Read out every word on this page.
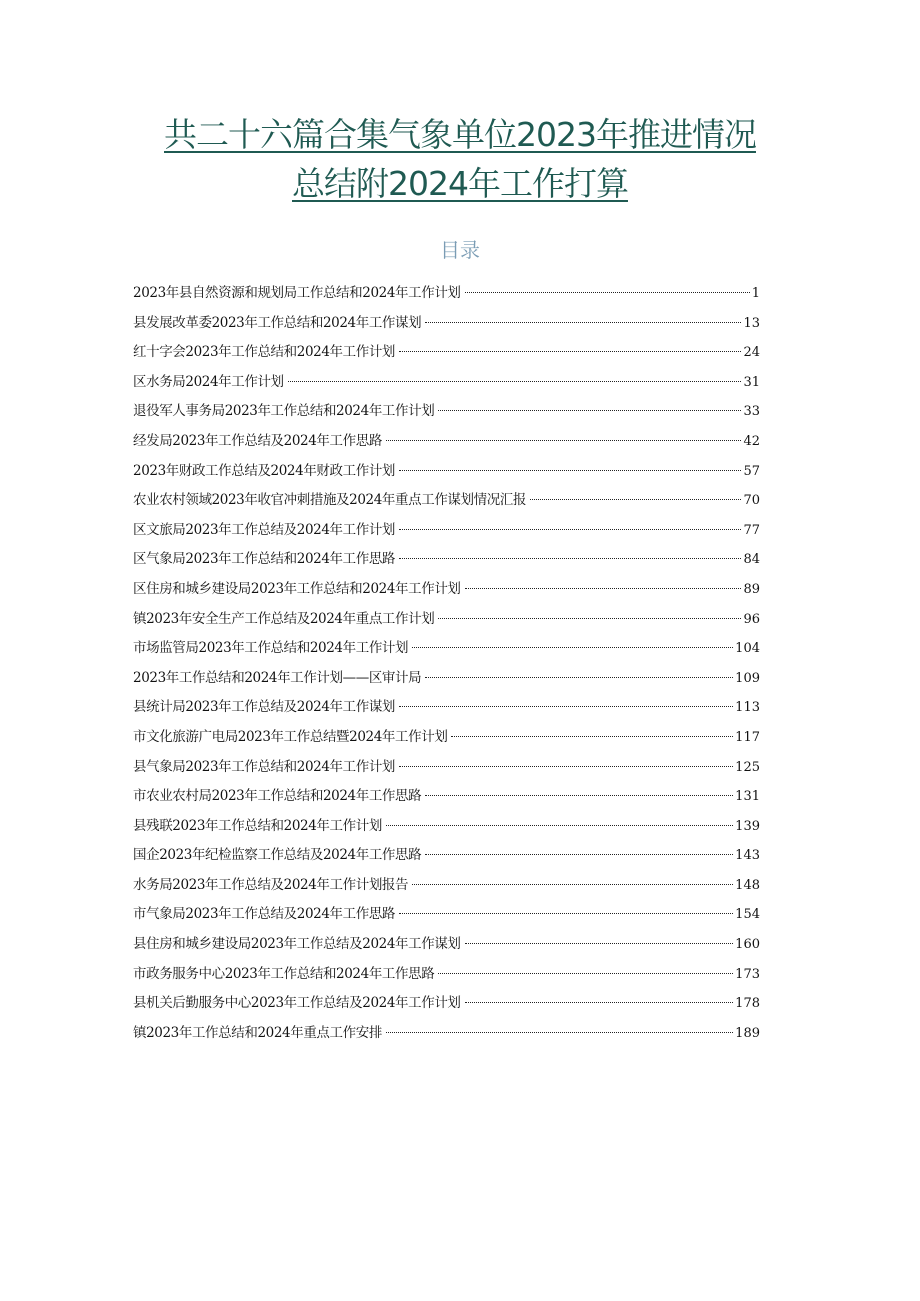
共二十六篇合集气象单位2023年推进情况
总结附2024年工作打算
目录
2023年县自然资源和规划局工作总结和2024年工作计划	1
县发展改革委2023年工作总结和2024年工作谋划	13
红十字会2023年工作总结和2024年工作计划	24
区水务局2024年工作计划	31
退役军人事务局2023年工作总结和2024年工作计划	33
经发局2023年工作总结及2024年工作思路	42
2023年财政工作总结及2024年财政工作计划	57
农业农村领域2023年收官冲刺措施及2024年重点工作谋划情况汇报	70
区文旅局2023年工作总结及2024年工作计划	77
区气象局2023年工作总结和2024年工作思路	84
区住房和城乡建设局2023年工作总结和2024年工作计划	89
镇2023年安全生产工作总结及2024年重点工作计划	96
市场监管局2023年工作总结和2024年工作计划	104
2023年工作总结和2024年工作计划——区审计局	109
县统计局2023年工作总结及2024年工作谋划	113
市文化旅游广电局2023年工作总结暨2024年工作计划	117
县气象局2023年工作总结和2024年工作计划	125
市农业农村局2023年工作总结和2024年工作思路	131
县残联2023年工作总结和2024年工作计划	139
国企2023年纪检监察工作总结及2024年工作思路	143
水务局2023年工作总结及2024年工作计划报告	148
市气象局2023年工作总结及2024年工作思路	154
县住房和城乡建设局2023年工作总结及2024年工作谋划	160
市政务服务中心2023年工作总结和2024年工作思路	173
县机关后勤服务中心2023年工作总结及2024年工作计划	178
镇2023年工作总结和2024年重点工作安排	189
